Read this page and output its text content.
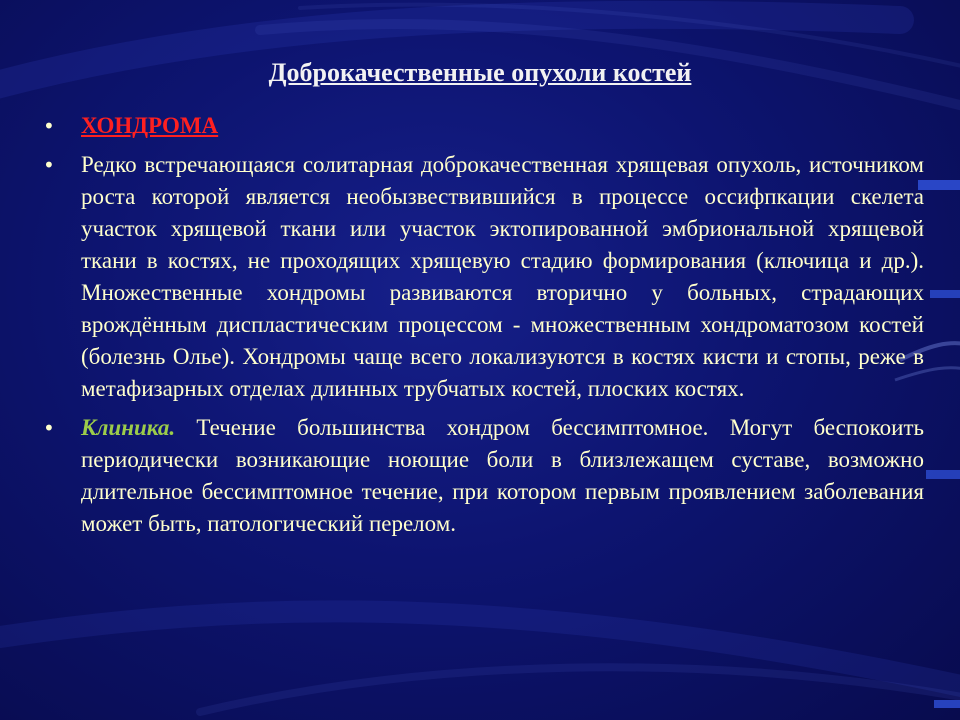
Доброкачественные опухоли костей
• ХОНДРОМА
• Редко встречающаяся солитарная доброкачественная хрящевая опухоль, источником роста которой является необызвествившийся в процессе оссифпкации скелета участок хрящевой ткани или участок эктопированной эмбриональной хрящевой ткани в костях, не проходящих хрящевую стадию формирования (ключица и др.). Множественные хондромы развиваются вторично у больных, страдающих врождённым диспластическим процессом - множественным хондроматозом костей (болезнь Олье). Хондромы чаще всего локализуются в костях кисти и стопы, реже в метафизарных отделах длинных трубчатых костей, плоских костях.
• Клиника. Течение большинства хондром бессимптомное. Могут беспокоить периодически возникающие ноющие боли в близлежащем суставе, возможно длительное бессимптомное течение, при котором первым проявлением заболевания может быть, патологический перелом.
